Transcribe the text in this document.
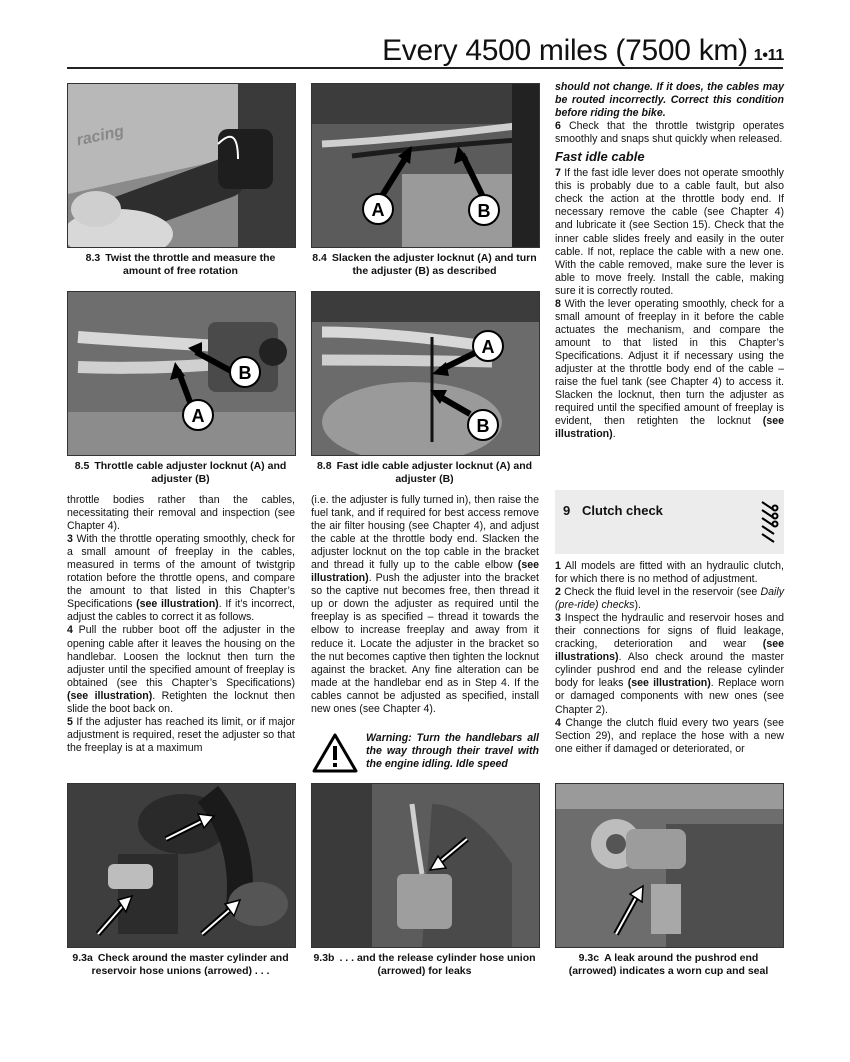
Every 4500 miles (7500 km) 1•11
racing
8.3 Twist the throttle and measure the amount of free rotation
A	B
8.4 Slacken the adjuster locknut (A) and turn the adjuster (B) as described
A
B
8.5 Throttle cable adjuster locknut (A) and adjuster (B)
A
B
8.8 Fast idle cable adjuster locknut (A) and adjuster (B)

throttle bodies rather than the cables, necessitating their removal and inspection (see Chapter 4).

3 With the throttle operating smoothly, check for a small amount of freeplay in the cables, measured in terms of the amount of twistgrip rotation before the throttle opens, and compare the amount to that listed in this Chapter’s Specifications (see illustration). If it’s incorrect, adjust the cables to correct it as follows.

4 Pull the rubber boot off the adjuster in the opening cable after it leaves the housing on the handlebar. Loosen the locknut then turn the adjuster until the specified amount of freeplay is obtained (see this Chapter’s Specifications) (see illustration). Retighten the locknut then slide the boot back on.

5 If the adjuster has reached its limit, or if major adjustment is required, reset the adjuster so that the freeplay is at a maximum

(i.e. the adjuster is fully turned in), then raise the fuel tank, and if required for best access remove the air filter housing (see Chapter 4), and adjust the cable at the throttle body end. Slacken the adjuster locknut on the top cable in the bracket and thread it fully up to the cable elbow (see illustration). Push the adjuster into the bracket so the captive nut becomes free, then thread it up or down the adjuster as required until the freeplay is as specified – thread it towards the elbow to increase freeplay and away from it reduce it. Locate the adjuster in the bracket so the nut becomes captive then tighten the locknut against the bracket. Any fine alteration can be made at the handlebar end as in Step 4. If the cables cannot be adjusted as specified, install new ones (see Chapter 4).

Warning: Turn the handlebars all the way through their travel with the engine idling. Idle speed

should not change. If it does, the cables may be routed incorrectly. Correct this condition before riding the bike.

6 Check that the throttle twistgrip operates smoothly and snaps shut quickly when released.

Fast idle cable

7 If the fast idle lever does not operate smoothly this is probably due to a cable fault, but also check the action at the throttle body end. If necessary remove the cable (see Chapter 4) and lubricate it (see Section 15). Check that the inner cable slides freely and easily in the outer cable. If not, replace the cable with a new one. With the cable removed, make sure the lever is able to move freely. Install the cable, making sure it is correctly routed.

8 With the lever operating smoothly, check for a small amount of freeplay in it before the cable actuates the mechanism, and compare the amount to that listed in this Chapter’s Specifications. Adjust it if necessary using the adjuster at the throttle body end of the cable – raise the fuel tank (see Chapter 4) to access it. Slacken the locknut, then turn the adjuster as required until the specified amount of freeplay is evident, then retighten the locknut (see illustration).

9 Clutch check

1 All models are fitted with an hydraulic clutch, for which there is no method of adjustment.

2 Check the fluid level in the reservoir (see Daily (pre-ride) checks).

3 Inspect the hydraulic and reservoir hoses and their connections for signs of fluid leakage, cracking, deterioration and wear (see illustrations). Also check around the master cylinder pushrod end and the release cylinder body for leaks (see illustration). Replace worn or damaged components with new ones (see Chapter 2).

4 Change the clutch fluid every two years (see Section 29), and replace the hose with a new one either if damaged or deteriorated, or

9.3a Check around the master cylinder and reservoir hose unions (arrowed) . . .
9.3b . . . and the release cylinder hose union (arrowed) for leaks
9.3c A leak around the pushrod end (arrowed) indicates a worn cup and seal
